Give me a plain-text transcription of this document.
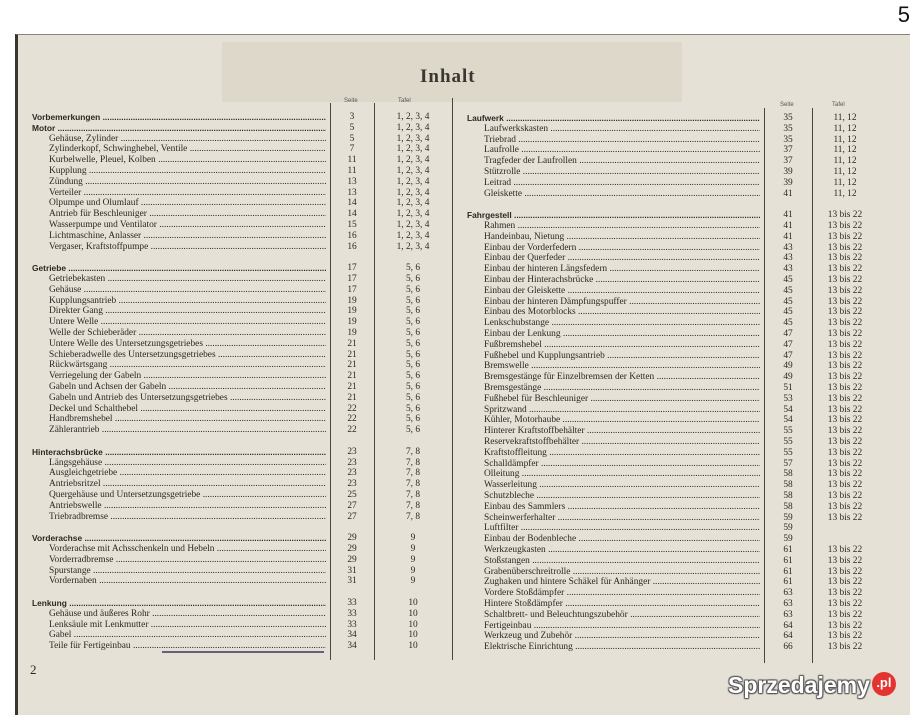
5
Inhalt
Seite	Tafel
Seite	Tafel
Vorbemerkungen .....	3	1, 2, 3, 4
Motor .....	5	1, 2, 3, 4
Gehäuse, Zylinder .....	5	1, 2, 3, 4
Zylinderkopf, Schwinghebel, Ventile .....	7	1, 2, 3, 4
Kurbelwelle, Pleuel, Kolben .....	11	1, 2, 3, 4
Kupplung .....	11	1, 2, 3, 4
Zündung .....	13	1, 2, 3, 4
Verteiler .....	13	1, 2, 3, 4
Ölpumpe und Ölumlauf .....	14	1, 2, 3, 4
Antrieb für Beschleuniger .....	14	1, 2, 3, 4
Wasserpumpe und Ventilator .....	15	1, 2, 3, 4
Lichtmaschine, Anlasser .....	16	1, 2, 3, 4
Vergaser, Kraftstoffpumpe .....	16	1, 2, 3, 4
Getriebe .....	17	5, 6
Getriebekasten .....	17	5, 6
Gehäuse .....	17	5, 6
Kupplungsantrieb .....	19	5, 6
Direkter Gang .....	19	5, 6
Untere Welle .....	19	5, 6
Welle der Schieberäder .....	19	5, 6
Untere Welle des Untersetzungsgetriebes .....	21	5, 6
Schieberadwelle des Untersetzungsgetriebes .....	21	5, 6
Rückwärtsgang .....	21	5, 6
Verriegelung der Gabeln .....	21	5, 6
Gabeln und Achsen der Gabeln .....	21	5, 6
Gabeln und Antrieb des Untersetzungsgetriebes .....	21	5, 6
Deckel und Schalthebel .....	22	5, 6
Handbremshebel .....	22	5, 6
Zählerantrieb .....	22	5, 6
Hinterachsbrücke .....	23	7, 8
Längsgehäuse .....	23	7, 8
Ausgleichgetriebe .....	23	7, 8
Antriebsritzel .....	23	7, 8
Quergehäuse und Untersetzungsgetriebe .....	25	7, 8
Antriebswelle .....	27	7, 8
Triebradbremse .....	27	7, 8
Vorderachse .....	29	9
Vorderachse mit Achsschenkeln und Hebeln .....	29	9
Vorderradbremse .....	29	9
Spurstange .....	31	9
Vordernaben .....	31	9
Lenkung .....	33	10
Gehäuse und äußeres Rohr .....	33	10
Lenksäule mit Lenkmutter .....	33	10
Gabel .....	34	10
Teile für Fertigeinbau .....	34	10
Laufwerk .....	35	11, 12
Laufwerkskasten .....	35	11, 12
Triebrad .....	35	11, 12
Laufrolle .....	37	11, 12
Tragfeder der Laufrollen .....	37	11, 12
Stützrolle .....	39	11, 12
Leitrad .....	39	11, 12
Gleiskette .....	41	11, 12
Fahrgestell .....	41	13 bis 22
Rahmen .....	41	13 bis 22
Handeinbau, Nietung .....	41	13 bis 22
Einbau der Vorderfedern .....	43	13 bis 22
Einbau der Querfeder .....	43	13 bis 22
Einbau der hinteren Längsfedern .....	43	13 bis 22
Einbau der Hinterachsbrücke .....	45	13 bis 22
Einbau der Gleiskette .....	45	13 bis 22
Einbau der hinteren Dämpfungspuffer .....	45	13 bis 22
Einbau des Motorblocks .....	45	13 bis 22
Lenkschubstange .....	45	13 bis 22
Einbau der Lenkung .....	47	13 bis 22
Fußbremshebel .....	47	13 bis 22
Fußhebel und Kupplungsantrieb .....	47	13 bis 22
Bremswelle .....	49	13 bis 22
Bremsgestänge für Einzelbremsen der Ketten .....	49	13 bis 22
Bremsgestänge .....	51	13 bis 22
Fußhebel für Beschleuniger .....	53	13 bis 22
Spritzwand .....	54	13 bis 22
Kühler, Motorhaube .....	54	13 bis 22
Hinterer Kraftstoffbehälter .....	55	13 bis 22
Reservekraftstoffbehälter .....	55	13 bis 22
Kraftstoffleitung .....	55	13 bis 22
Schalldämpfer .....	57	13 bis 22
Ölleitung .....	58	13 bis 22
Wasserleitung .....	58	13 bis 22
Schutzbleche .....	58	13 bis 22
Einbau des Sammlers .....	58	13 bis 22
Scheinwerferhalter .....	59	13 bis 22
Luftfilter .....	59
Einbau der Bodenbleche .....	59
Werkzeugkasten .....	61	13 bis 22
Stoßstangen .....	61	13 bis 22
Grabenüberschreitrolle .....	61	13 bis 22
Zughaken und hintere Schäkel für Anhänger .....	61	13 bis 22
Vordere Stoßdämpfer .....	63	13 bis 22
Hintere Stoßdämpfer .....	63	13 bis 22
Schaltbrett- und Beleuchtungszubehör .....	63	13 bis 22
Fertigeinbau .....	64	13 bis 22
Werkzeug und Zubehör .....	64	13 bis 22
Elektrische Einrichtung .....	66	13 bis 22
2
Sprzedajemy .pl
